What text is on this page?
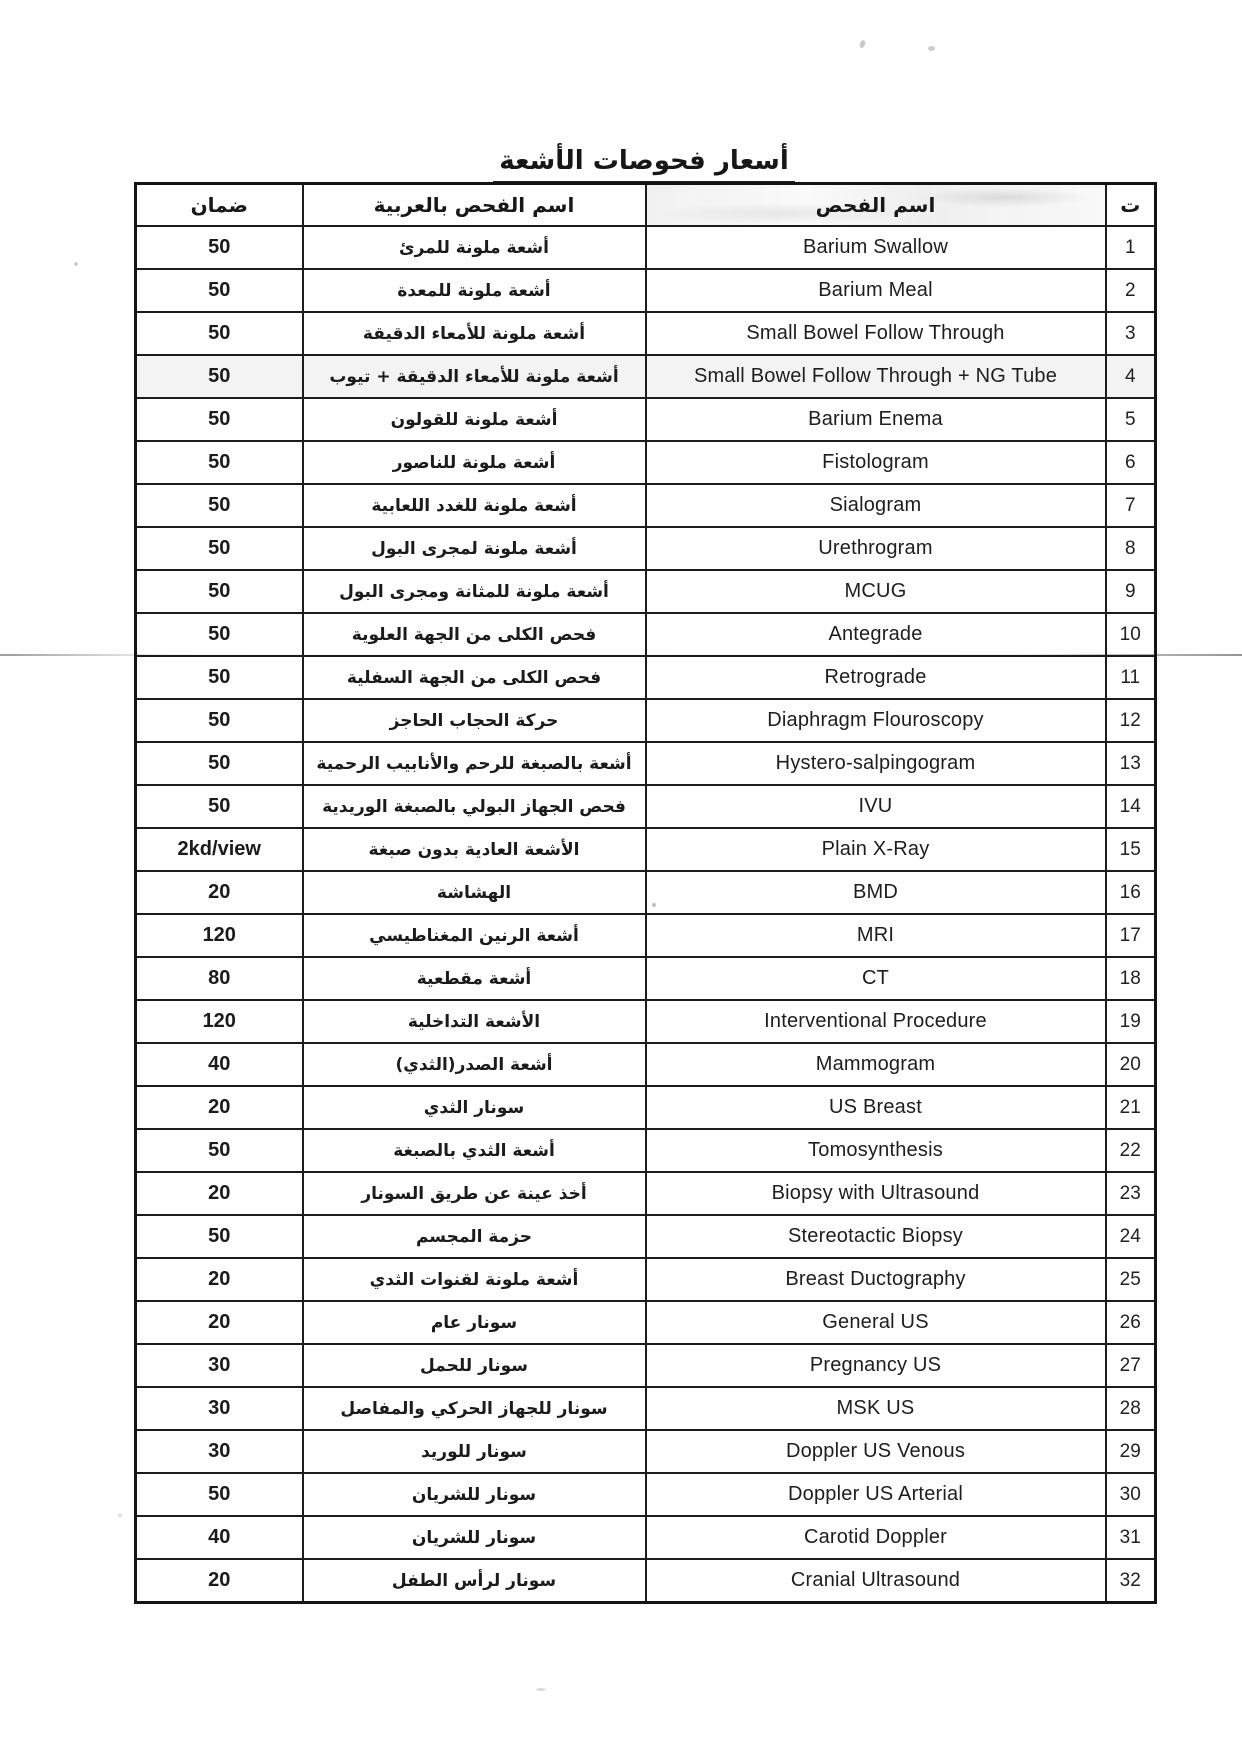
أسعار فحوصات الأشعة
ت	اسم الفحص	اسم الفحص بالعربية	ضمان
1	Barium Swallow	أشعة ملونة للمرئ	50
2	Barium Meal	أشعة ملونة للمعدة	50
3	Small Bowel Follow Through	أشعة ملونة للأمعاء الدقيقة	50
4	Small Bowel Follow Through + NG Tube	أشعة ملونة للأمعاء الدقيقة + تيوب	50
5	Barium Enema	أشعة ملونة للقولون	50
6	Fistologram	أشعة ملونة للناصور	50
7	Sialogram	أشعة ملونة للغدد اللعابية	50
8	Urethrogram	أشعة ملونة لمجرى البول	50
9	MCUG	أشعة ملونة للمثانة ومجرى البول	50
10	Antegrade	فحص الكلى من الجهة العلوية	50
11	Retrograde	فحص الكلى من الجهة السفلية	50
12	Diaphragm Flouroscopy	حركة الحجاب الحاجز	50
13	Hystero-salpingogram	أشعة بالصبغة للرحم والأنابيب الرحمية	50
14	IVU	فحص الجهاز البولي بالصبغة الوريدية	50
15	Plain X-Ray	الأشعة العادية بدون صبغة	2kd/view
16	BMD	الهشاشة	20
17	MRI	أشعة الرنين المغناطيسي	120
18	CT	أشعة مقطعية	80
19	Interventional Procedure	الأشعة التداخلية	120
20	Mammogram	أشعة الصدر(الثدي)	40
21	US Breast	سونار الثدي	20
22	Tomosynthesis	أشعة الثدي بالصبغة	50
23	Biopsy with Ultrasound	أخذ عينة عن طريق السونار	20
24	Stereotactic Biopsy	حزمة المجسم	50
25	Breast Ductography	أشعة ملونة لقنوات الثدي	20
26	General US	سونار عام	20
27	Pregnancy US	سونار للحمل	30
28	MSK US	سونار للجهاز الحركي والمفاصل	30
29	Doppler US Venous	سونار للوريد	30
30	Doppler US Arterial	سونار للشريان	50
31	Carotid Doppler	سونار للشريان	40
32	Cranial Ultrasound	سونار لرأس الطفل	20
